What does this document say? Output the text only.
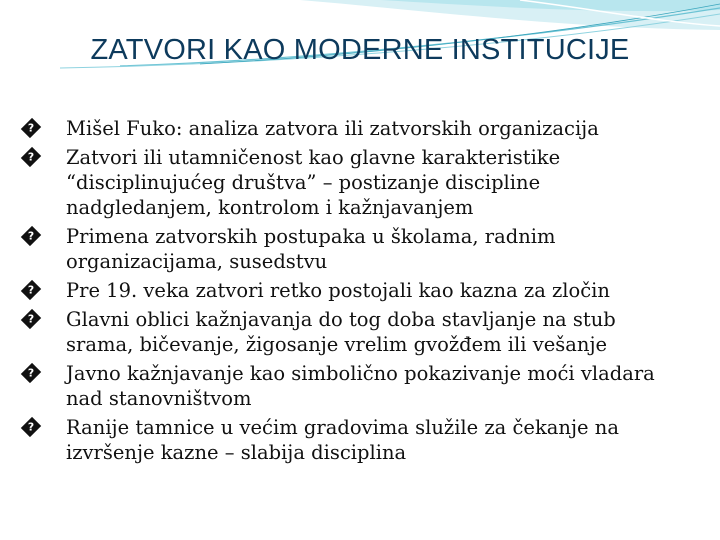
ZATVORI KAO MODERNE INSTITUCIJE
?
Mišel Fuko: analiza zatvora ili zatvorskih organizacija
?
Zatvori ili utamničenost kao glavne karakteristike “disciplinujućeg društva” – postizanje discipline nadgledanjem, kontrolom i kažnjavanjem
?
Primena zatvorskih postupaka u školama, radnim organizacijama, susedstvu
?
Pre 19. veka zatvori retko postojali kao kazna za zločin
?
Glavni oblici kažnjavanja do tog doba stavljanje na stub srama, bičevanje, žigosanje vrelim gvožđem ili vešanje
?
Javno kažnjavanje kao simbolično pokazivanje moći vladara nad stanovništvom
?
Ranije tamnice u većim gradovima služile za čekanje na izvršenje kazne – slabija disciplina
